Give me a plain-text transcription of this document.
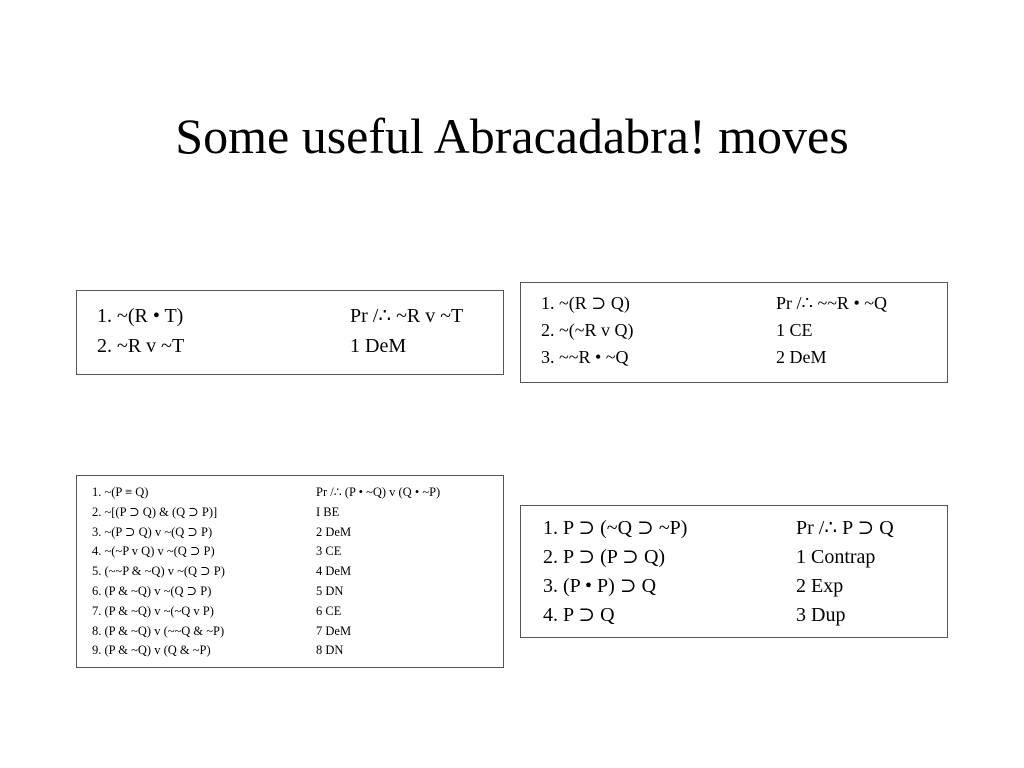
Some useful Abracadabra! moves
1. ~(R • T)	Pr /∴ ~R v ~T
2. ~R v ~T	1 DeM
1. ~(R ⊃ Q)	Pr /∴ ~~R • ~Q
2. ~(~R v Q)	1 CE
3. ~~R • ~Q	2 DeM
1. ~(P ≡ Q)	Pr /∴ (P • ~Q) v (Q • ~P)
2. ~[(P ⊃ Q) & (Q ⊃ P)]	I BE
3. ~(P ⊃ Q) v ~(Q ⊃ P)	2 DeM
4. ~(~P v Q) v ~(Q ⊃ P)	3 CE
5. (~~P & ~Q) v ~(Q ⊃ P)	4 DeM
6. (P & ~Q) v ~(Q ⊃ P)	5 DN
7. (P & ~Q) v ~(~Q v P)	6 CE
8. (P & ~Q) v (~~Q & ~P)	7 DeM
9. (P & ~Q) v (Q & ~P)	8 DN
1. P ⊃ (~Q ⊃ ~P)	Pr /∴ P ⊃ Q
2. P ⊃ (P ⊃ Q)	1 Contrap
3. (P • P) ⊃ Q	2 Exp
4. P ⊃ Q	3 Dup
